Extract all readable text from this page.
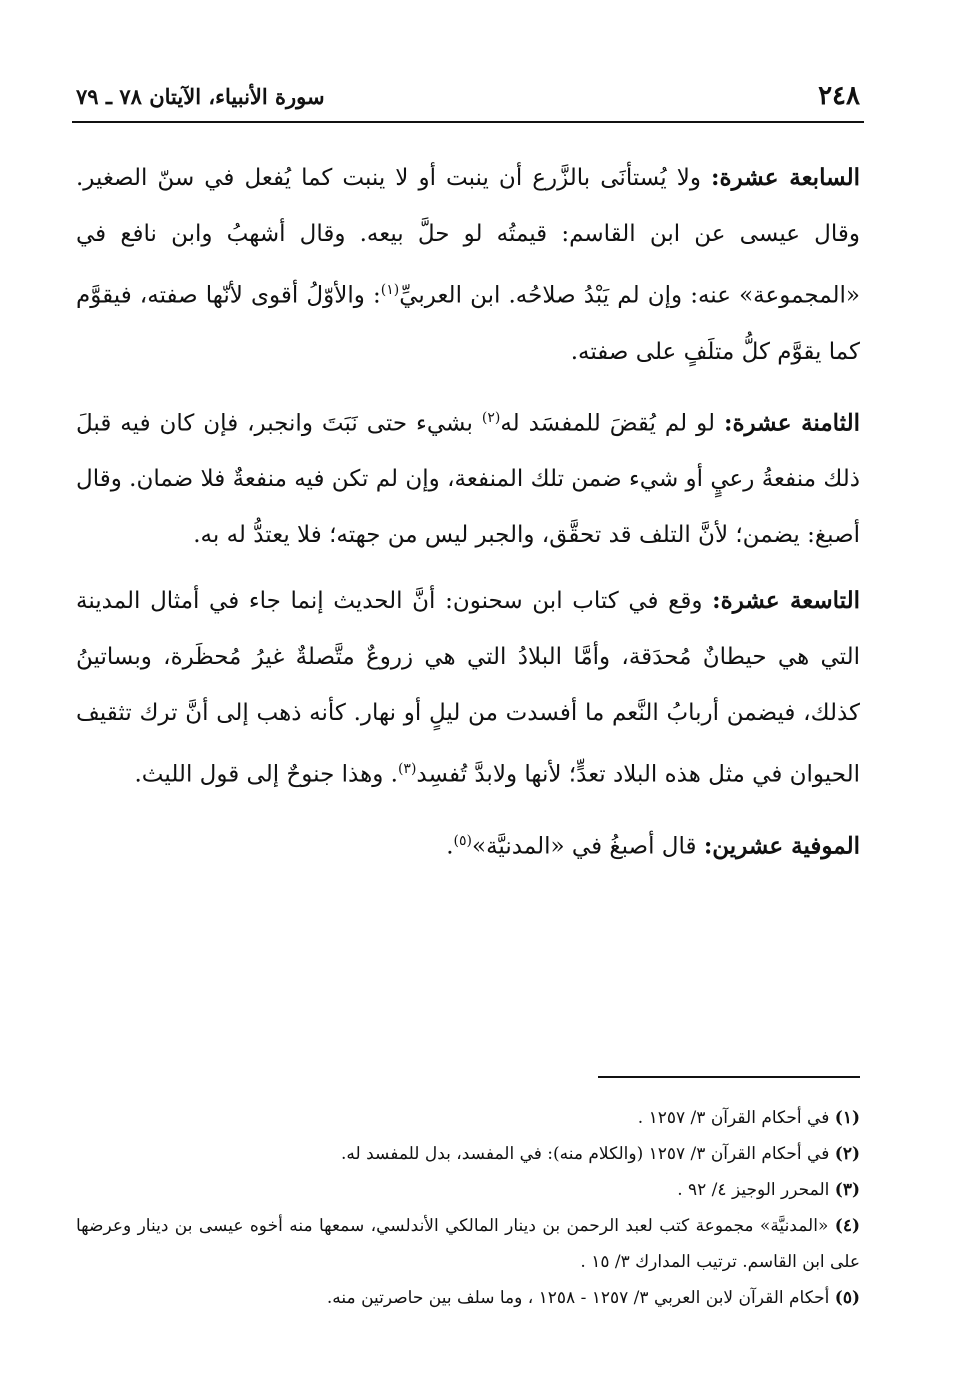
٢٤٨
سورة الأنبياء، الآيتان ٧٨ ـ ٧٩

السابعة عشرة: ولا يُستأنَى بالزَّرع أن ينبت أو لا ينبت كما يُفعل في سنّ الصغير. وقال عيسى عن ابن القاسم: قيمتُه لو حلَّ بيعه. وقال أشهبُ وابن نافع في «المجموعة» عنه: وإن لم يَبْدُ صلاحُه. ابن العربيِّ$^{(١)}$: والأوّلُ أقوى لأنّها صفته، فيقوَّم كما يقوَّم كلُّ متلَفٍ على صفته.

الثامنة عشرة: لو لم يُقضَ للمفسَد له$^{(٢)}$ بشيء حتى نَبَتَ وانجبر، فإن كان فيه قبلَ ذلك منفعةُ رعيٍ أو شيء ضمن تلك المنفعة، وإن لم تكن فيه منفعةٌ فلا ضمان. وقال أصبغ: يضمن؛ لأنَّ التلف قد تحقَّق، والجبر ليس من جهته؛ فلا يعتدُّ له به.

التاسعة عشرة: وقع في كتاب ابن سحنون: أنَّ الحديث إنما جاء في أمثال المدينة التي هي حيطانٌ مُحدَقة، وأمَّا البلادُ التي هي زروعٌ متَّصلةٌ غيرُ مُحظَرة، وبساتينُ كذلك، فيضمن أربابُ النَّعم ما أفسدت من ليلٍ أو نهار. كأنه ذهب إلى أنَّ ترك تثقيف الحيوان في مثل هذه البلاد تعدٍّ؛ لأنها ولابدَّ تُفسِد$^{(٣)}$. وهذا جنوحٌ إلى قول الليث.

الموفية عشرين: قال أصبغُ في «المدنيَّة»$^{(٥)}$.

(١) في أحكام القرآن ٣/ ١٢٥٧ .
(٢) في أحكام القرآن ٣/ ١٢٥٧ (والكلام منه): في المفسد، بدل للمفسد له.
(٣) المحرر الوجيز ٤/ ٩٢ .
(٤) «المدنيَّة» مجموعة كتب لعبد الرحمن بن دينار المالكي الأندلسي، سمعها منه أخوه عيسى بن دينار وعرضها على ابن القاسم. ترتيب المدارك ٣/ ١٥ .
(٥) أحكام القرآن لابن العربي ٣/ ١٢٥٧ - ١٢٥٨ ، وما سلف بين حاصرتين منه.
